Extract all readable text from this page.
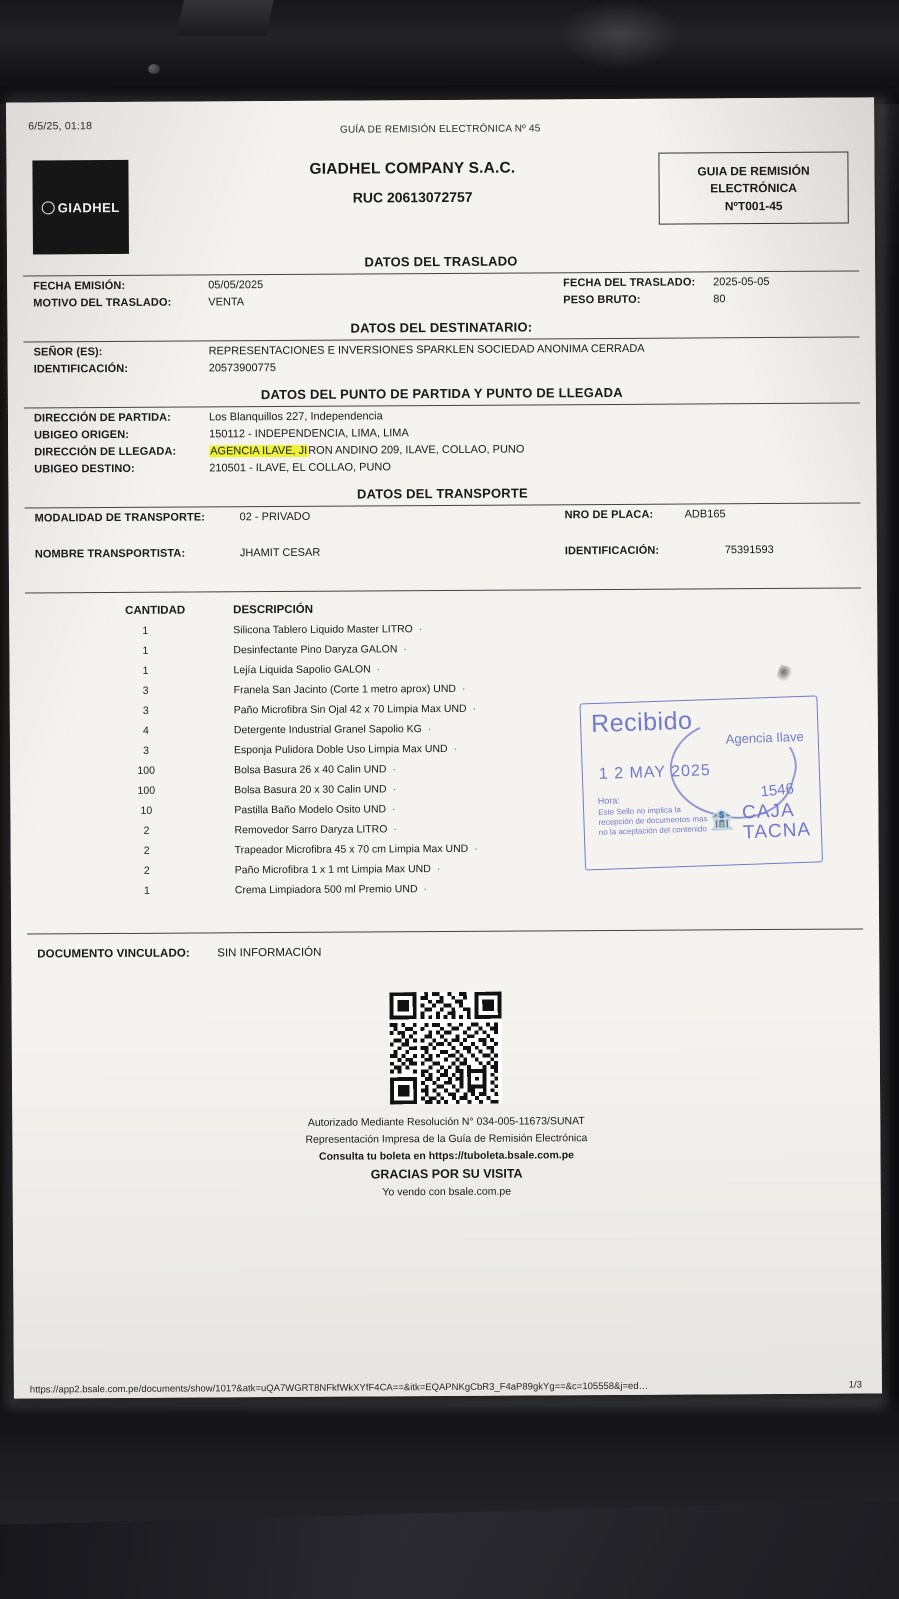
6/5/25, 01:18	GUÍA DE REMISIÓN ELECTRÓNICA Nº 45
GIADHEL
GIADHEL COMPANY S.A.C.
RUC 20613072757
GUIA DE REMISIÓN
ELECTRÓNICA
NºT001-45
DATOS DEL TRASLADO
FECHA EMISIÓN:	05/05/2025	FECHA DEL TRASLADO: 2025-05-05
MOTIVO DEL TRASLADO:	VENTA	PESO BRUTO:	80
DATOS DEL DESTINATARIO:
SEÑOR (ES):	REPRESENTACIONES E INVERSIONES SPARKLEN SOCIEDAD ANONIMA CERRADA
IDENTIFICACIÓN:	20573900775
DATOS DEL PUNTO DE PARTIDA Y PUNTO DE LLEGADA
DIRECCIÓN DE PARTIDA:	Los Blanquillos 227, Independencia
UBIGEO ORIGEN:	150112 - INDEPENDENCIA, LIMA, LIMA
DIRECCIÓN DE LLEGADA:	AGENCIA ILAVE, JIRON ANDINO 209, ILAVE, COLLAO, PUNO
UBIGEO DESTINO:	210501 - ILAVE, EL COLLAO, PUNO
DATOS DEL TRANSPORTE
MODALIDAD DE TRANSPORTE:	02 - PRIVADO	NRO DE PLACA:	ADB165
NOMBRE TRANSPORTISTA:	JHAMIT CESAR	IDENTIFICACIÓN:	75391593
CANTIDAD	DESCRIPCIÓN
1	Silicona Tablero Liquido Master LITRO ·
1	Desinfectante Pino Daryza GALON ·
1	Lejía Liquida Sapolio GALON ·
3	Franela San Jacinto (Corte 1 metro aprox) UND ·
3	Paño Microfibra Sin Ojal 42 x 70 Limpia Max UND ·
4	Detergente Industrial Granel Sapolio KG ·
3	Esponja Pulidora Doble Uso Limpia Max UND ·
100	Bolsa Basura 26 x 40 Calin UND ·
100	Bolsa Basura 20 x 30 Calin UND ·
10	Pastilla Baño Modelo Osito UND ·
2	Removedor Sarro Daryza LITRO ·
2	Trapeador Microfibra 45 x 70 cm Limpia Max UND ·
2	Paño Microfibra 1 x 1 mt Limpia Max UND ·
1	Crema Limpiadora 500 ml Premio UND ·
Recibido	Agencia Ilave
1 2 MAY 2025
Hora:
Este Sello no implica la recepción de documentos mas no la aceptación del contenido
1546
🏦 CAJA
TACNA
DOCUMENTO VINCULADO: SIN INFORMACIÓN
Autorizado Mediante Resolución N° 034-005-11673/SUNAT
Representación Impresa de la Guía de Remisión Electrónica
Consulta tu boleta en https://tuboleta.bsale.com.pe
GRACIAS POR SU VISITA
Yo vendo con bsale.com.pe
https://app2.bsale.com.pe/documents/show/101?&atk=uQA7WGRT8NFkfWkXYfF4CA==&itk=EQAPNKgCbR3_F4aP89gkYg==&c=105558&j=ed…	1/3
